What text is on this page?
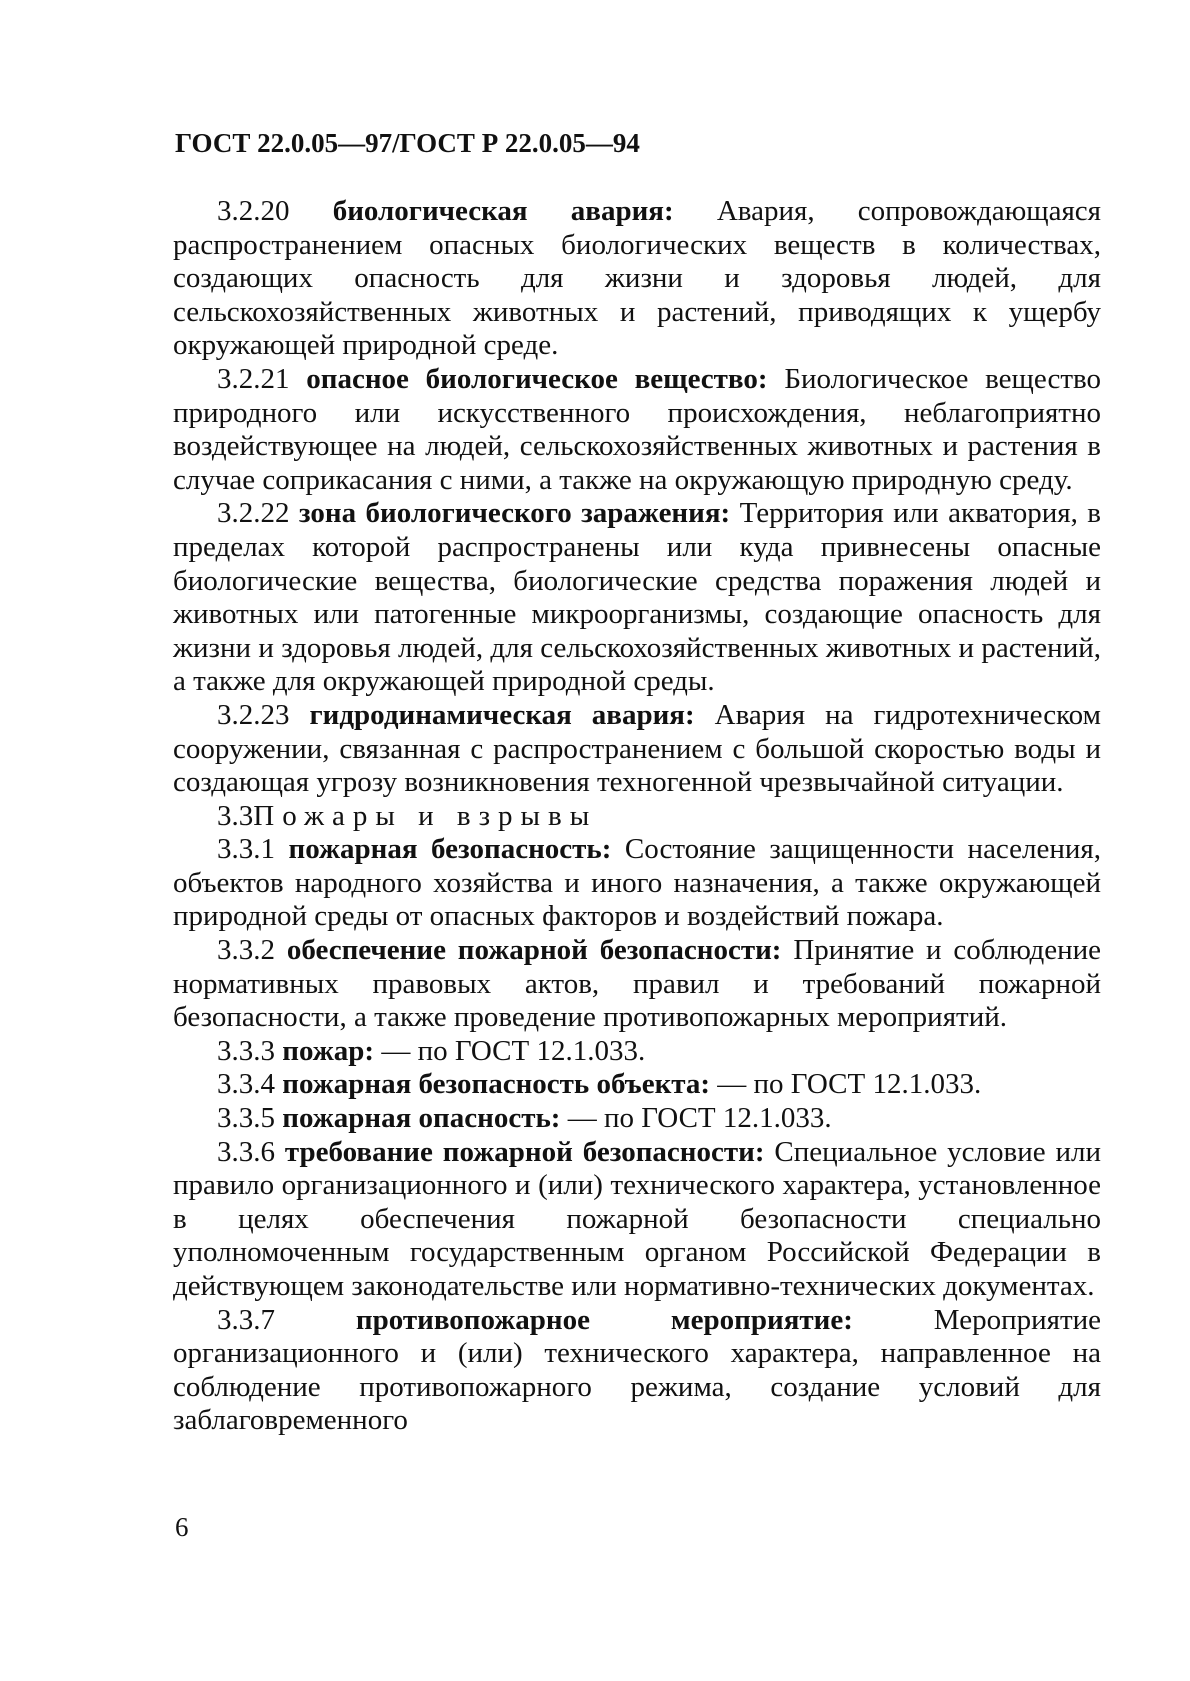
ГОСТ 22.0.05—97/ГОСТ Р 22.0.05—94

3.2.20 биологическая авария: Авария, сопровождающаяся распространением опасных биологических веществ в количествах, создающих опасность для жизни и здоровья людей, для сельскохозяйственных животных и растений, приводящих к ущербу окружающей природной среде.

3.2.21 опасное биологическое вещество: Биологическое вещество природного или искусственного происхождения, неблагоприятно воздействующее на людей, сельскохозяйственных животных и растения в случае соприкасания с ними, а также на окружающую природную среду.

3.2.22 зона биологического заражения: Территория или акватория, в пределах которой распространены или куда привнесены опасные биологические вещества, биологические средства поражения людей и животных или патогенные микроорганизмы, создающие опасность для жизни и здоровья людей, для сельскохозяйственных животных и растений, а также для окружающей природной среды.

3.2.23 гидродинамическая авария: Авария на гидротехническом сооружении, связанная с распространением с большой скоростью воды и создающая угрозу возникновения техногенной чрезвычайной ситуации.

3.3Пожары и взрывы

3.3.1 пожарная безопасность: Состояние защищенности населения, объектов народного хозяйства и иного назначения, а также окружающей природной среды от опасных факторов и воздействий пожара.

3.3.2 обеспечение пожарной безопасности: Принятие и соблюдение нормативных правовых актов, правил и требований пожарной безопасности, а также проведение противопожарных мероприятий.

3.3.3 пожар: — по ГОСТ 12.1.033.

3.3.4 пожарная безопасность объекта: — по ГОСТ 12.1.033.

3.3.5 пожарная опасность: — по ГОСТ 12.1.033.

3.3.6 требование пожарной безопасности: Специальное условие или правило организационного и (или) технического характера, установленное в целях обеспечения пожарной безопасности специально уполномоченным государственным органом Российской Федерации в действующем законодательстве или нормативно-технических документах.

3.3.7	противопожарное мероприятие:	Мероприятие организационного и (или) технического характера, направленное на соблюдение противопожарного режима, создание условий для заблаговременного

6
